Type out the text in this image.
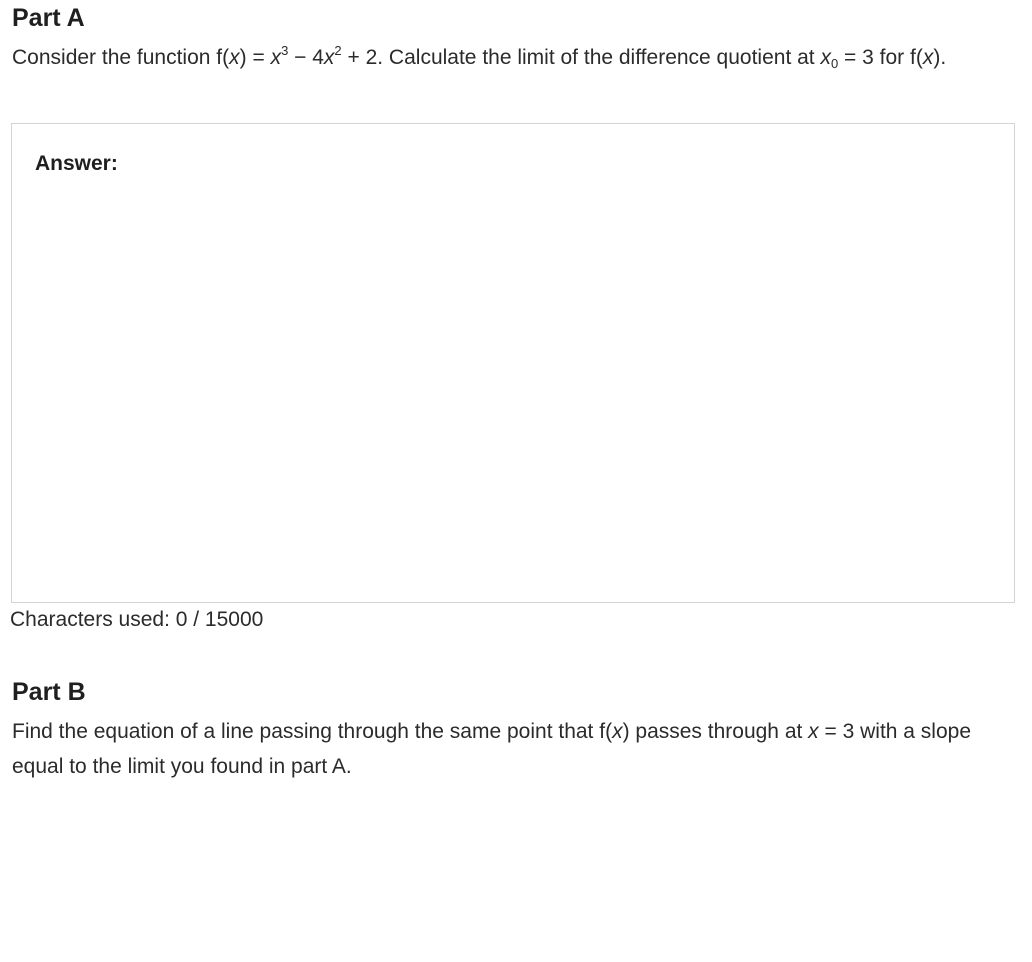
Part A

Consider the function $f(x) = x^3 - 4x^2 + 2$. Calculate the limit of the difference quotient at $x_0 = 3$ for f(x).

Answer:
Characters used: 0 / 15000
Part B

Find the equation of a line passing through the same point that f(x) passes through at x = 3 with a slope equal to the limit you found in part A.
